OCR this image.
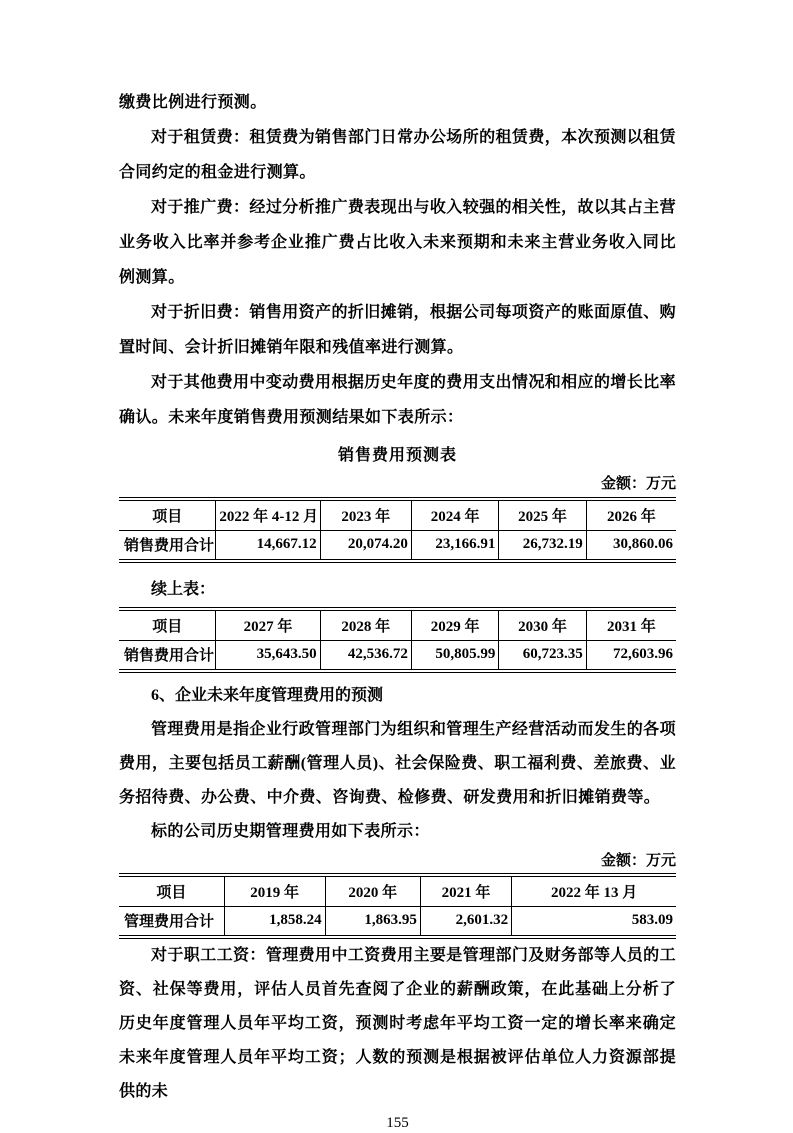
缴费比例进行预测。

对于租赁费：租赁费为销售部门日常办公场所的租赁费，本次预测以租赁合同约定的租金进行测算。

对于推广费：经过分析推广费表现出与收入较强的相关性，故以其占主营业务收入比率并参考企业推广费占比收入未来预期和未来主营业务收入同比例测算。

对于折旧费：销售用资产的折旧摊销，根据公司每项资产的账面原值、购置时间、会计折旧摊销年限和残值率进行测算。

对于其他费用中变动费用根据历史年度的费用支出情况和相应的增长比率确认。未来年度销售费用预测结果如下表所示：

销售费用预测表
金额：万元
项目	2022 年 4-12 月	2023 年	2024 年	2025 年	2026 年
销售费用合计	14,667.12	20,074.20	23,166.91	26,732.19	30,860.06

续上表：

项目	2027 年	2028 年	2029 年	2030 年	2031 年
销售费用合计	35,643.50	42,536.72	50,805.99	60,723.35	72,603.96
6、企业未来年度管理费用的预测

管理费用是指企业行政管理部门为组织和管理生产经营活动而发生的各项费用，主要包括员工薪酬(管理人员)、社会保险费、职工福利费、差旅费、业务招待费、办公费、中介费、咨询费、检修费、研发费用和折旧摊销费等。

标的公司历史期管理费用如下表所示：

金额：万元
项目	2019 年	2020 年	2021 年	2022 年 13 月
管理费用合计	1,858.24	1,863.95	2,601.32	583.09

对于职工工资：管理费用中工资费用主要是管理部门及财务部等人员的工资、社保等费用，评估人员首先查阅了企业的薪酬政策，在此基础上分析了历史年度管理人员年平均工资，预测时考虑年平均工资一定的增长率来确定未来年度管理人员年平均工资；人数的预测是根据被评估单位人力资源部提供的未

155
